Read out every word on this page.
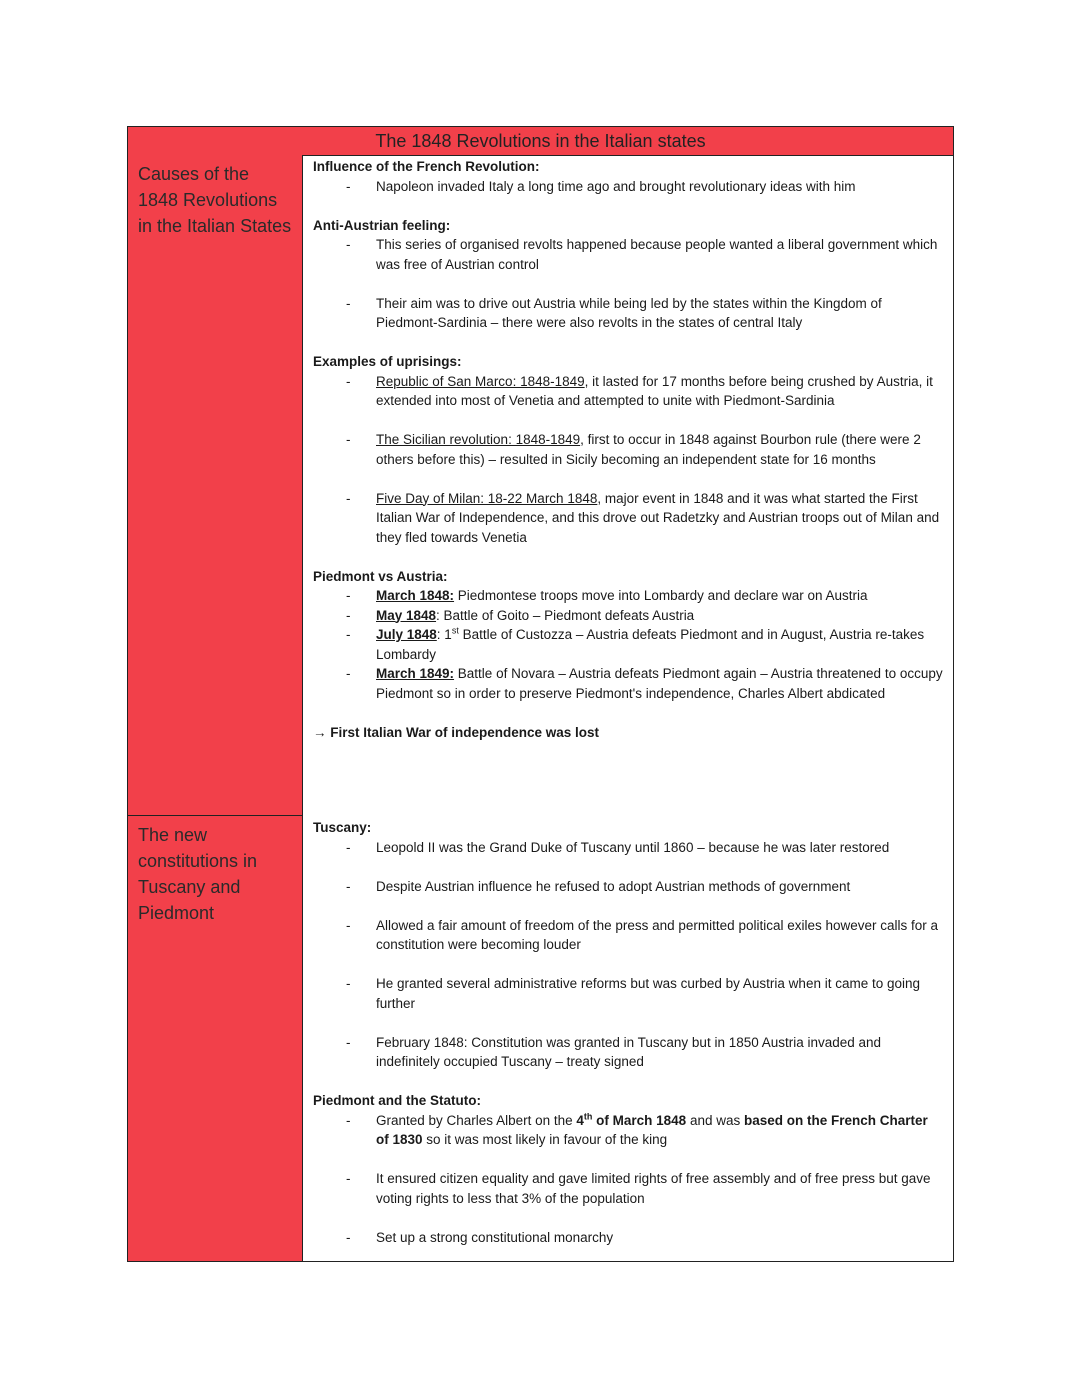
The 1848 Revolutions in the Italian states
Causes of the 1848 Revolutions in the Italian States

Influence of the French Revolution:

- Napoleon invaded Italy a long time ago and brought revolutionary ideas with him

Anti-Austrian feeling:

- This series of organised revolts happened because people wanted a liberal government which was free of Austrian control
- Their aim was to drive out Austria while being led by the states within the Kingdom of Piedmont-Sardinia – there were also revolts in the states of central Italy

Examples of uprisings:

- Republic of San Marco: 1848-1849, it lasted for 17 months before being crushed by Austria, it extended into most of Venetia and attempted to unite with Piedmont-Sardinia
- The Sicilian revolution: 1848-1849, first to occur in 1848 against Bourbon rule (there were 2 others before this) – resulted in Sicily becoming an independent state for 16 months
- Five Day of Milan: 18-22 March 1848, major event in 1848 and it was what started the First Italian War of Independence, and this drove out Radetzky and Austrian troops out of Milan and they fled towards Venetia

Piedmont vs Austria:

- March 1848: Piedmontese troops move into Lombardy and declare war on Austria
- May 1848: Battle of Goito – Piedmont defeats Austria
- July 1848: 1st Battle of Custozza – Austria defeats Piedmont and in August, Austria re-takes Lombardy
- March 1849: Battle of Novara – Austria defeats Piedmont again – Austria threatened to occupy Piedmont so in order to preserve Piedmont's independence, Charles Albert abdicated
→ First Italian War of independence was lost
The new constitutions in Tuscany and Piedmont

Tuscany:

- Leopold II was the Grand Duke of Tuscany until 1860 – because he was later restored
- Despite Austrian influence he refused to adopt Austrian methods of government
- Allowed a fair amount of freedom of the press and permitted political exiles however calls for a constitution were becoming louder
- He granted several administrative reforms but was curbed by Austria when it came to going further
- February 1848: Constitution was granted in Tuscany but in 1850 Austria invaded and indefinitely occupied Tuscany – treaty signed

Piedmont and the Statuto:

- Granted by Charles Albert on the 4th of March 1848 and was based on the French Charter of 1830 so it was most likely in favour of the king
- It ensured citizen equality and gave limited rights of free assembly and of free press but gave voting rights to less that 3% of the population
- Set up a strong constitutional monarchy
